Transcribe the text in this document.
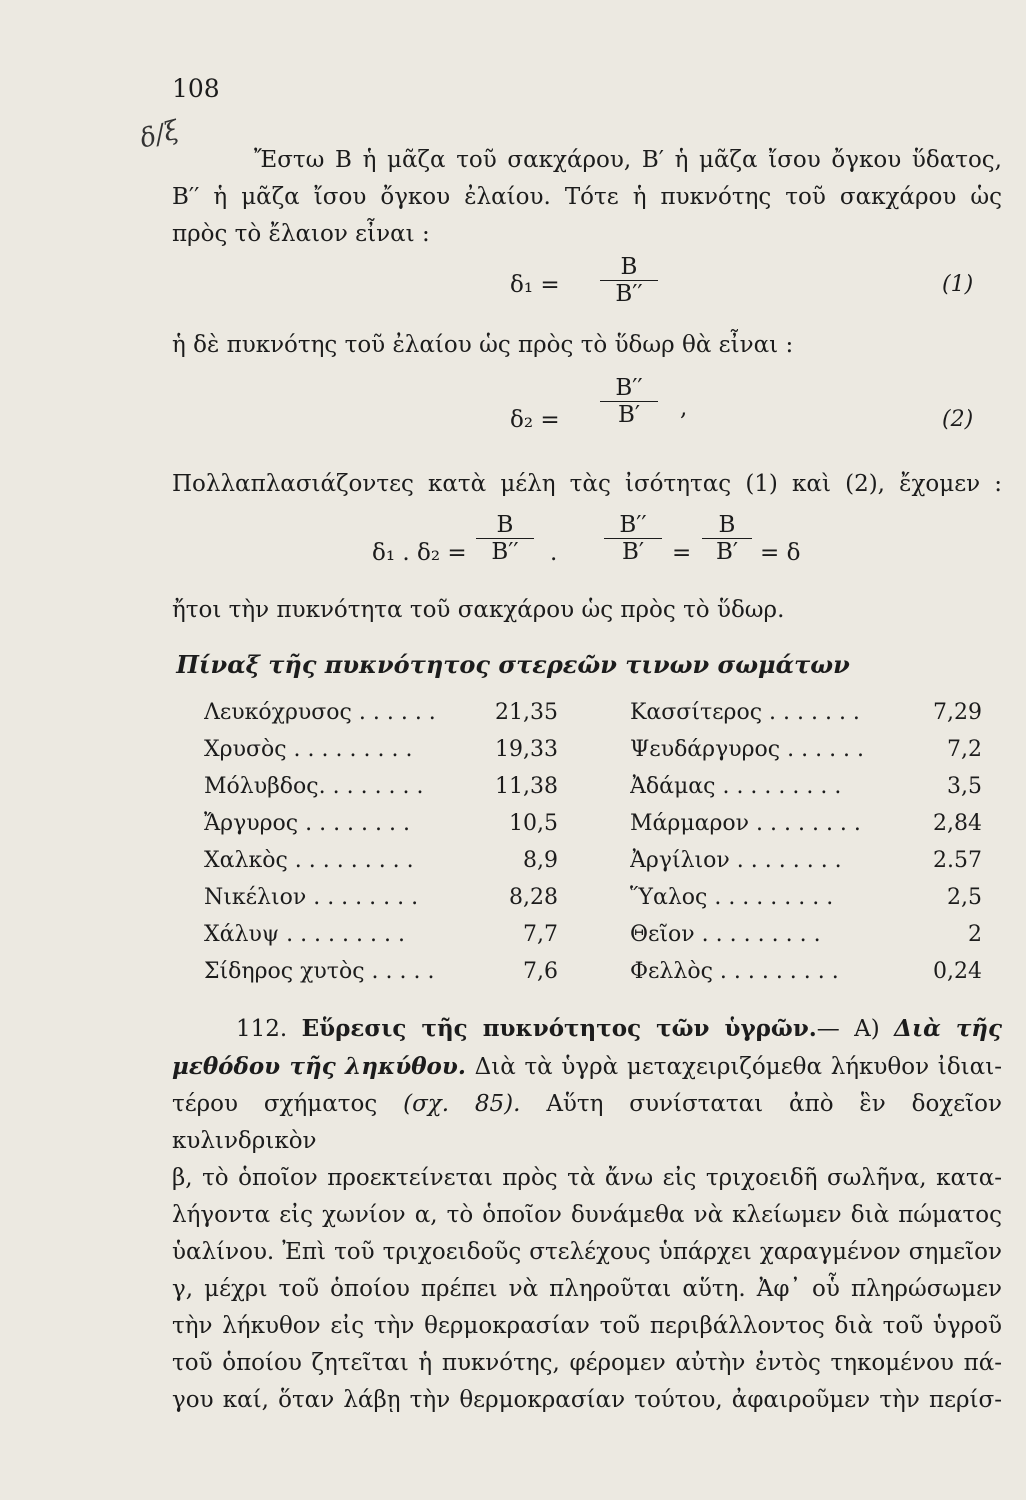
108
δ/ξ
Ἔστω Β ἡ μᾶζα τοῦ σακχάρου, Β′ ἡ μᾶζα ἴσου ὄγκου ὕδατος,
Β′′ ἡ μᾶζα ἴσου ὄγκου ἐλαίου. Τότε ἡ πυκνότης τοῦ σακχάρου ὡς
πρὸς τὸ ἔλαιον εἶναι :
δ₁ =
Β
Β′′	(1)
ἡ δὲ πυκνότης τοῦ ἐλαίου ὡς πρὸς τὸ ὕδωρ θὰ εἶναι :
δ₂ =
Β′′
Β′	,	(2)
Πολλαπλασιάζοντες κατὰ μέλη τὰς ἰσότητας (1) καὶ (2), ἔχομεν :
δ₁ . δ₂ =
Β
Β′′	.
Β′′
Β′	=
Β
Β′ = δ
ἤτοι τὴν πυκνότητα τοῦ σακχάρου ὡς πρὸς τὸ ὕδωρ.
Πίναξ τῆς πυκνότητος στερεῶν τινων σωμάτων
Λευκόχρυσος . . . . . .	21,35
Χρυσὸς . . . . . . . . .	19,33
Μόλυβδος. . . . . . . .	11,38
Ἄργυρος . . . . . . . .	10,5
Χαλκὸς . . . . . . . . .	8,9
Νικέλιον . . . . . . . .	8,28
Χάλυψ . . . . . . . . .	7,7
Σίδηρος χυτὸς . . . . .	7,6
Κασσίτερος . . . . . . .	7,29
Ψευδάργυρος . . . . . .	7,2
Ἀδάμας . . . . . . . . .	3,5
Μάρμαρον . . . . . . . .	2,84
Ἀργίλιον . . . . . . . .	2.57
Ὕαλος . . . . . . . . .	2,5
Θεῖον . . . . . . . . .	2
Φελλὸς . . . . . . . . .	0,24
112. Εὕρεσις τῆς πυκνότητος τῶν ὑγρῶν.— Α) Διὰ τῆς
μεθόδου τῆς ληκύθου. Διὰ τὰ ὑγρὰ μεταχειριζόμεθα λήκυθον ἰδιαι-
τέρου σχήματος (σχ. 85). Αὕτη συνίσταται ἀπὸ ἓν δοχεῖον κυλινδρικὸν
β, τὸ ὁποῖον προεκτείνεται πρὸς τὰ ἄνω εἰς τριχοειδῆ σωλῆνα, κατα-
λήγοντα εἰς χωνίον α, τὸ ὁποῖον δυνάμεθα νὰ κλείωμεν διὰ πώματος
ὑαλίνου. Ἐπὶ τοῦ τριχοειδοῦς στελέχους ὑπάρχει χαραγμένον σημεῖον
γ, μέχρι τοῦ ὁποίου πρέπει νὰ πληροῦται αὕτη. Ἀφ᾽ οὗ πληρώσωμεν
τὴν λήκυθον εἰς τὴν θερμοκρασίαν τοῦ περιβάλλοντος διὰ τοῦ ὑγροῦ
τοῦ ὁποίου ζητεῖται ἡ πυκνότης, φέρομεν αὐτὴν ἐντὸς τηκομένου πά-
γου καί, ὅταν λάβῃ τὴν θερμοκρασίαν τούτου, ἀφαιροῦμεν τὴν περίσ-
